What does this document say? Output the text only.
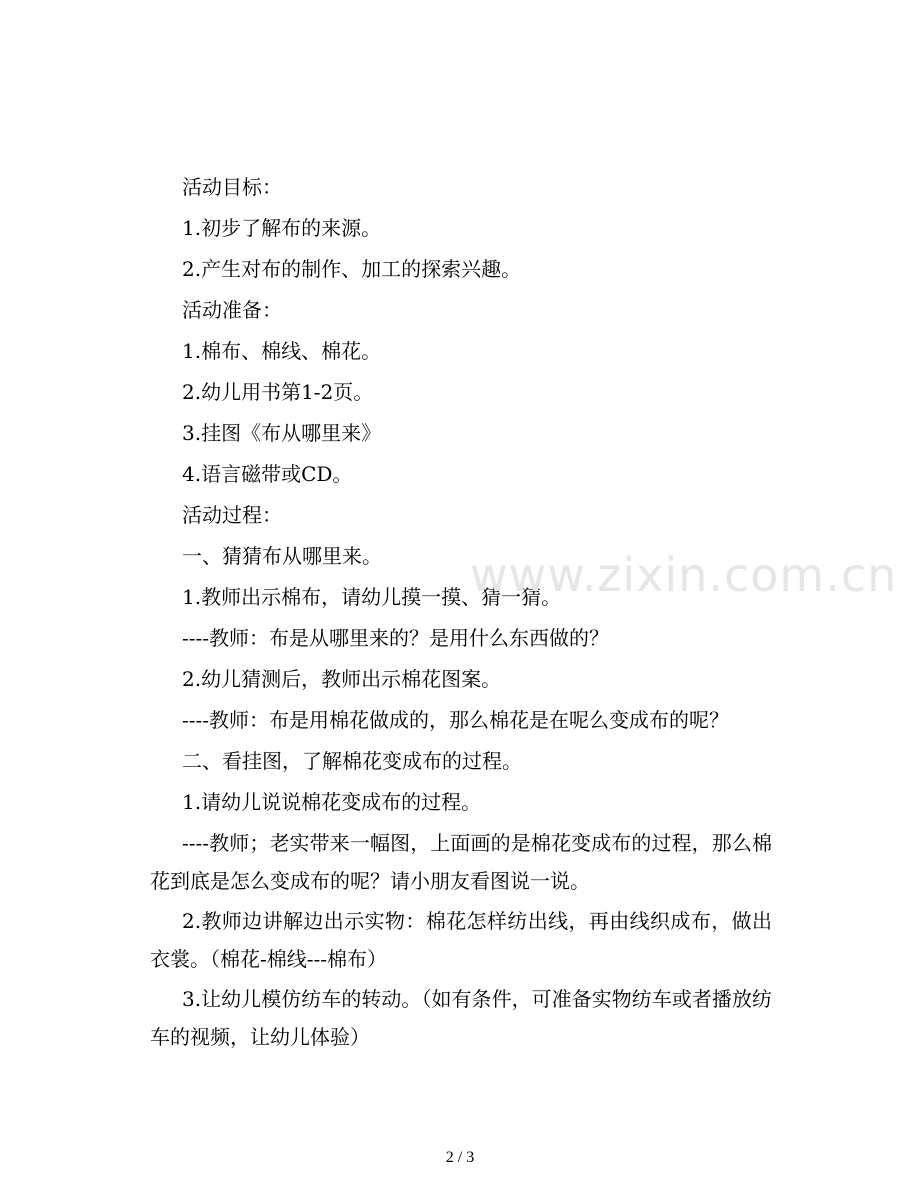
活动目标：
1.初步了解布的来源。
2.产生对布的制作、加工的探索兴趣。
活动准备：
1.棉布、棉线、棉花。
2.幼儿用书第1-2页。
3.挂图《布从哪里来》
4.语言磁带或CD。
活动过程：
一、猜猜布从哪里来。
1.教师出示棉布，请幼儿摸一摸、猜一猜。
----教师：布是从哪里来的？是用什么东西做的？
2.幼儿猜测后，教师出示棉花图案。
----教师：布是用棉花做成的，那么棉花是在呢么变成布的呢？
二、看挂图，了解棉花变成布的过程。
1.请幼儿说说棉花变成布的过程。
----教师；老实带来一幅图，上面画的是棉花变成布的过程，那么棉花到底是怎么变成布的呢？请小朋友看图说一说。
2.教师边讲解边出示实物：棉花怎样纺出线，再由线织成布，做出衣裳。（棉花-棉线---棉布）
3.让幼儿模仿纺车的转动。（如有条件，可准备实物纺车或者播放纺车的视频，让幼儿体验）
www.zixin.com.cn
2 / 3
